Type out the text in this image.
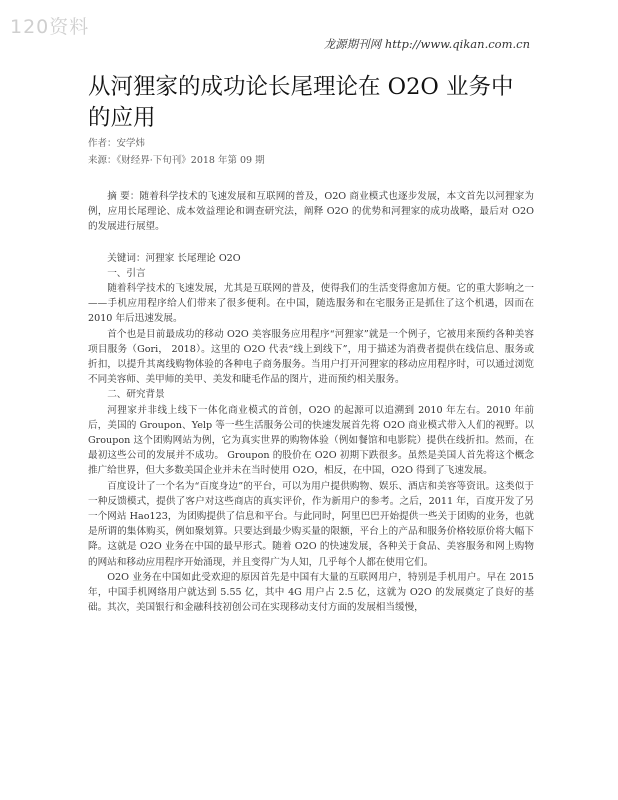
120资料
龙源期刊网 http://www.qikan.com.cn
从河狸家的成功论长尾理论在 O2O 业务中的应用
作者：安学炜
来源：《财经界·下旬刊》2018 年第 09 期

摘 要：随着科学技术的飞速发展和互联网的普及，O2O 商业模式也逐步发展，本文首先以河狸家为例，应用长尾理论、成本效益理论和调查研究法，阐释 O2O 的优势和河狸家的成功战略，最后对 O2O 的发展进行展望。

关键词：河狸家 长尾理论 O2O

一、引言

随着科学技术的飞速发展，尤其是互联网的普及，使得我们的生活变得愈加方便。它的重大影响之一——手机应用程序给人们带来了很多便利。在中国，随选服务和在宅服务正是抓住了这个机遇，因而在 2010 年后迅速发展。

首个也是目前最成功的移动 O2O 美容服务应用程序“河狸家”就是一个例子，它被用来预约各种美容项目服务（Gori， 2018）。这里的 O2O 代表“线上到线下”，用于描述为消费者提供在线信息、服务或折扣，以提升其离线购物体验的各种电子商务服务。当用户打开河狸家的移动应用程序时，可以通过浏览不同美容师、美甲师的美甲、美发和睫毛作品的图片，进而预约相关服务。

二、研究背景

河狸家并非线上线下一体化商业模式的首创，O2O 的起源可以追溯到 2010 年左右。2010 年前后，美国的 Groupon、Yelp 等一些生活服务公司的快速发展首先将 O2O 商业模式带入人们的视野。以 Groupon 这个团购网站为例，它为真实世界的购物体验（例如餐馆和电影院）提供在线折扣。然而，在最初这些公司的发展并不成功。 Groupon 的股价在 O2O 初期下跌很多。虽然是美国人首先将这个概念推广给世界，但大多数美国企业并未在当时使用 O2O，相反，在中国，O2O 得到了飞速发展。

百度设计了一个名为“百度身边”的平台，可以为用户提供购物、娱乐、酒店和美容等资讯。这类似于一种反馈模式，提供了客户对这些商店的真实评价，作为新用户的参考。之后，2011 年，百度开发了另一个网站 Hao123，为团购提供了信息和平台。与此同时，阿里巴巴开始提供一些关于团购的业务，也就是所谓的集体购买，例如聚划算。只要达到最少购买量的限额，平台上的产品和服务价格较原价将大幅下降。这就是 O2O 业务在中国的最早形式。随着 O2O 的快速发展，各种关于食品、美容服务和网上购物的网站和移动应用程序开始涌现，并且变得广为人知，几乎每个人都在使用它们。

O2O 业务在中国如此受欢迎的原因首先是中国有大量的互联网用户，特别是手机用户。早在 2015 年，中国手机网络用户就达到 5.55 亿，其中 4G 用户占 2.5 亿，这就为 O2O 的发展奠定了良好的基础。其次，美国银行和金融科技初创公司在实现移动支付方面的发展相当缓慢，
